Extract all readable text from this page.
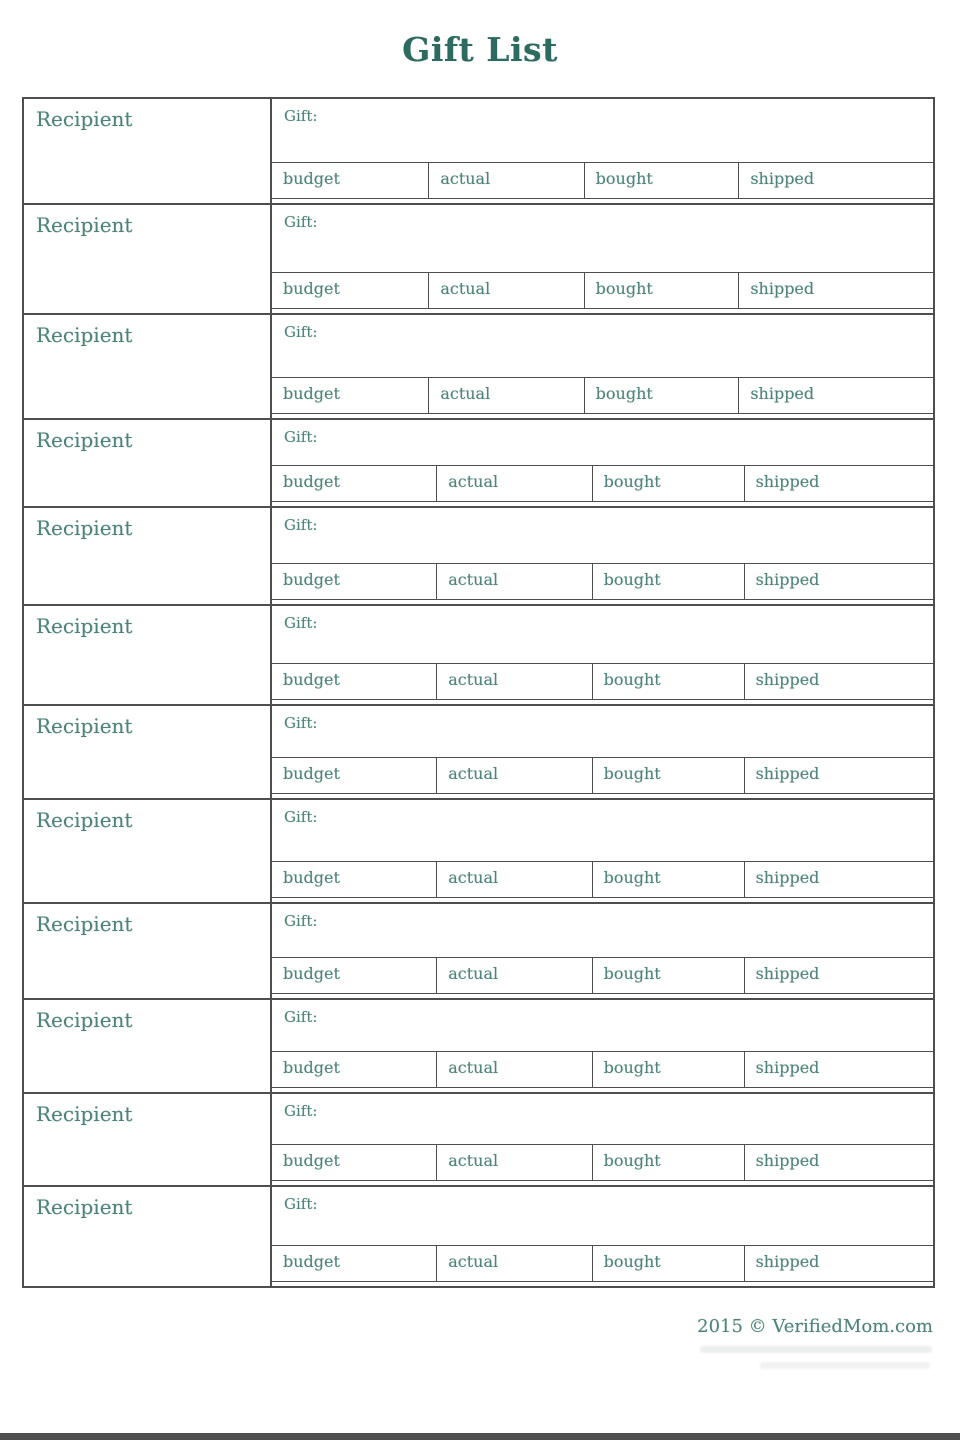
Gift List
Recipient	Gift:
budget	actual	bought	shipped
Recipient	Gift:
budget	actual	bought	shipped
Recipient	Gift:
budget	actual	bought	shipped
Recipient	Gift:
budget	actual	bought	shipped
Recipient	Gift:
budget	actual	bought	shipped
Recipient	Gift:
budget	actual	bought	shipped
Recipient	Gift:
budget	actual	bought	shipped
Recipient	Gift:
budget	actual	bought	shipped
Recipient	Gift:
budget	actual	bought	shipped
Recipient	Gift:
budget	actual	bought	shipped
Recipient	Gift:
budget	actual	bought	shipped
Recipient	Gift:
budget	actual	bought	shipped
2015 © VerifiedMom.com
